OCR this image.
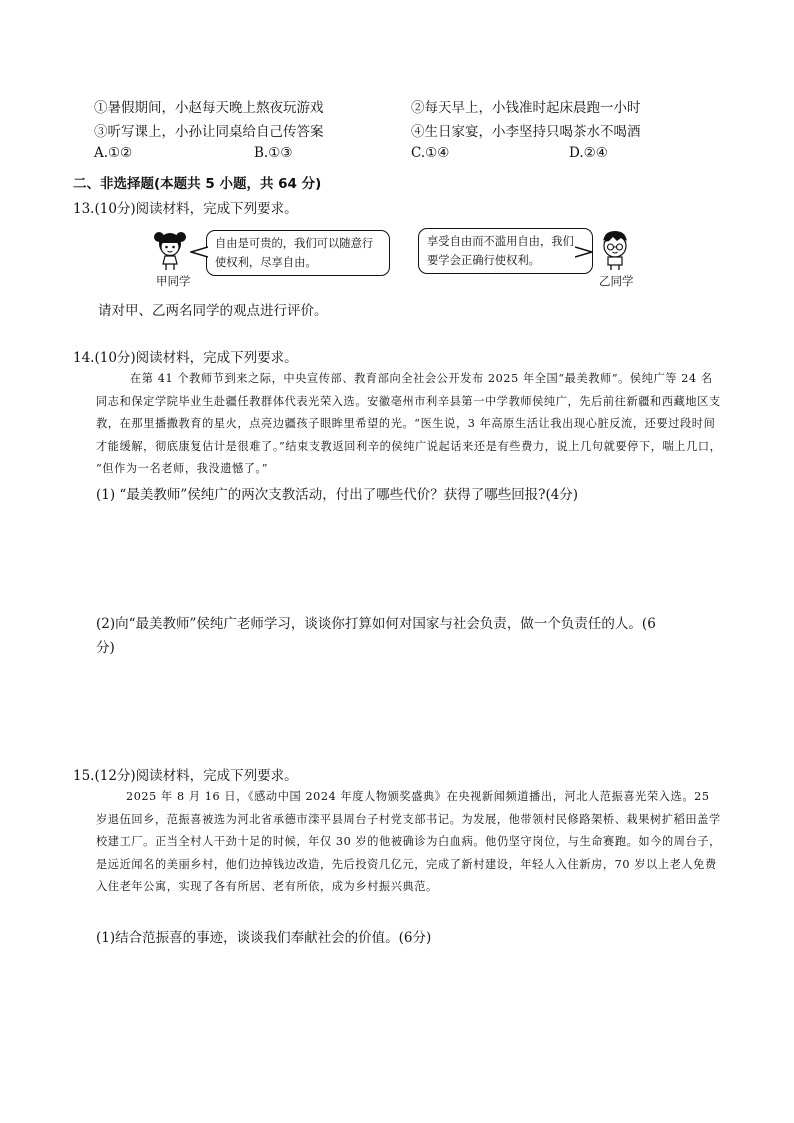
①暑假期间，小赵每天晚上熬夜玩游戏	②每天早上，小钱准时起床晨跑一小时
③听写课上，小孙让同桌给自己传答案	④生日家宴，小李坚持只喝茶水不喝酒
A.①②	B.①③	C.①④	D.②④
二、非选择题(本题共 5 小题，共 64 分)
13.(10分)阅读材料，完成下列要求。
甲同学
自由是可贵的，我们可以随意行使权利，尽享自由。
享受自由而不滥用自由，我们要学会正确行使权利。
乙同学
请对甲、乙两名同学的观点进行评价。
14.(10分)阅读材料，完成下列要求。
在第 41 个教师节到来之际，中央宣传部、教育部向全社会公开发布 2025 年全国“最美教师”。侯纯广等 24 名同志和保定学院毕业生赴疆任教群体代表光荣入选。安徽亳州市利辛县第一中学教师侯纯广，先后前往新疆和西藏地区支教，在那里播撒教育的星火，点亮边疆孩子眼眸里希望的光。“医生说，3 年高原生活让我出现心脏反流，还要过段时间才能缓解，彻底康复估计是很难了。”结束支教返回利辛的侯纯广说起话来还是有些费力，说上几句就要停下，喘上几口， “但作为一名老师，我没遗憾了。”
(1) “最美教师”侯纯广的两次支教活动，付出了哪些代价？获得了哪些回报?(4分)
(2)向“最美教师”侯纯广老师学习，谈谈你打算如何对国家与社会负责，做一个负责任的人。(6
分)
15.(12分)阅读材料，完成下列要求。
2025 年 8 月 16 日，《感动中国 2024 年度人物颁奖盛典》在央视新闻频道播出，河北人范振喜光荣入选。25 岁退伍回乡，范振喜被选为河北省承德市滦平县周台子村党支部书记。为发展，他带领村民修路架桥、栽果树扩稻田盖学校建工厂。正当全村人干劲十足的时候，年仅 30 岁的他被确诊为白血病。他仍坚守岗位，与生命赛跑。如今的周台子，是远近闻名的美丽乡村，他们边掉钱边改造，先后投资几亿元，完成了新村建设，年轻人入住新房，70 岁以上老人免费入住老年公寓，实现了各有所居、老有所依，成为乡村振兴典范。
(1)结合范振喜的事迹，谈谈我们奉献社会的价值。(6分)
